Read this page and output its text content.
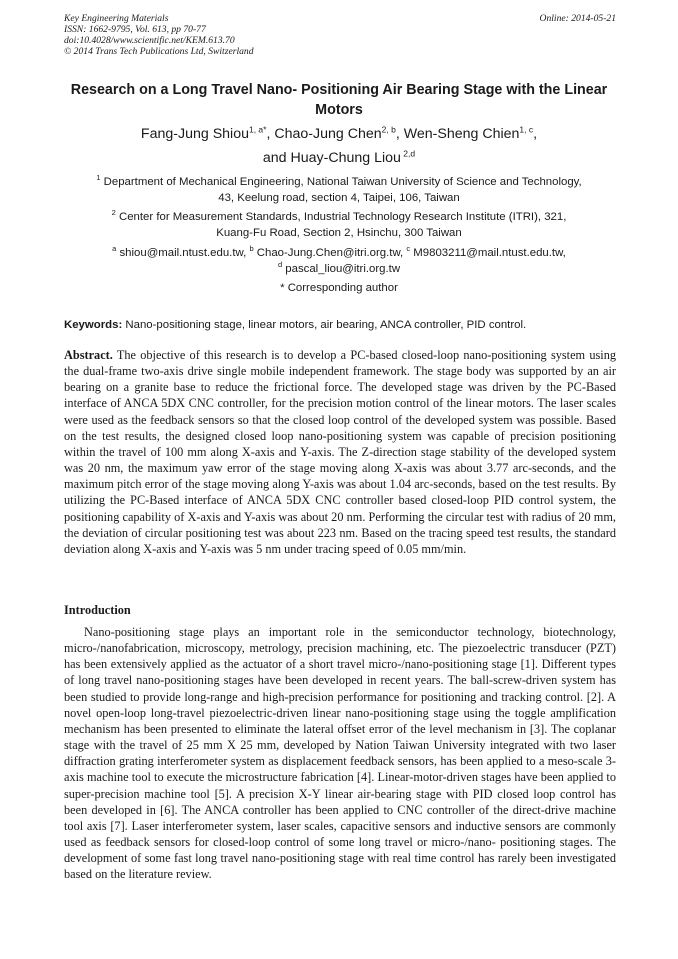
Key Engineering Materials
ISSN: 1662-9795, Vol. 613, pp 70-77
doi:10.4028/www.scientific.net/KEM.613.70
© 2014 Trans Tech Publications Ltd, Switzerland
Online: 2014-05-21
Research on a Long Travel Nano- Positioning Air Bearing Stage with the Linear Motors
Fang-Jung Shiou$^{1, a*}$, Chao-Jung Chen$^{2, b}$, Wen-Sheng Chien$^{1, c}$,
and Huay-Chung Liou $^{2,d}$
$^1$ Department of Mechanical Engineering, National Taiwan University of Science and Technology,
43, Keelung road, section 4, Taipei, 106, Taiwan
$^2$ Center for Measurement Standards, Industrial Technology Research Institute (ITRI), 321,
Kuang-Fu Road, Section 2, Hsinchu, 300 Taiwan
$^a$ shiou@mail.ntust.edu.tw, $^b$ Chao-Jung.Chen@itri.org.tw, $^c$ M9803211@mail.ntust.edu.tw,
$^d$ pascal_liou@itri.org.tw
* Corresponding author
Keywords: Nano-positioning stage, linear motors, air bearing, ANCA controller, PID control.
Abstract. The objective of this research is to develop a PC-based closed-loop nano-positioning system using the dual-frame two-axis drive single mobile independent framework. The stage body was supported by an air bearing on a granite base to reduce the frictional force. The developed stage was driven by the PC-Based interface of ANCA 5DX CNC controller, for the precision motion control of the linear motors. The laser scales were used as the feedback sensors so that the closed loop control of the developed system was possible. Based on the test results, the designed closed loop nano-positioning system was capable of precision positioning within the travel of 100 mm along X-axis and Y-axis. The Z-direction stage stability of the developed system was 20 nm, the maximum yaw error of the stage moving along X-axis was about 3.77 arc-seconds, and the maximum pitch error of the stage moving along Y-axis was about 1.04 arc-seconds, based on the test results. By utilizing the PC-Based interface of ANCA 5DX CNC controller based closed-loop PID control system, the positioning capability of X-axis and Y-axis was about 20 nm. Performing the circular test with radius of 20 mm, the deviation of circular positioning test was about 223 nm. Based on the tracing speed test results, the standard deviation along X-axis and Y-axis was 5 nm under tracing speed of 0.05 mm/min.
Introduction
Nano-positioning stage plays an important role in the semiconductor technology, biotechnology, micro-/nanofabrication, microscopy, metrology, precision machining, etc. The piezoelectric transducer (PZT) has been extensively applied as the actuator of a short travel micro-/nano-positioning stage [1]. Different types of long travel nano-positioning stages have been developed in recent years. The ball-screw-driven system has been studied to provide long-range and high-precision performance for positioning and tracking control. [2]. A novel open-loop long-travel piezoelectric-driven linear nano-positioning stage using the toggle amplification mechanism has been presented to eliminate the lateral offset error of the level mechanism in [3]. The coplanar stage with the travel of 25 mm X 25 mm, developed by Nation Taiwan University integrated with two laser diffraction grating interferometer system as displacement feedback sensors, has been applied to a meso-scale 3-axis machine tool to execute the microstructure fabrication [4]. Linear-motor-driven stages have been applied to super-precision machine tool [5]. A precision X-Y linear air-bearing stage with PID closed loop control has been developed in [6]. The ANCA controller has been applied to CNC controller of the direct-drive machine tool axis [7]. Laser interferometer system, laser scales, capacitive sensors and inductive sensors are commonly used as feedback sensors for closed-loop control of some long travel or micro-/nano- positioning stages. The development of some fast long travel nano-positioning stage with real time control has rarely been investigated based on the literature review.
